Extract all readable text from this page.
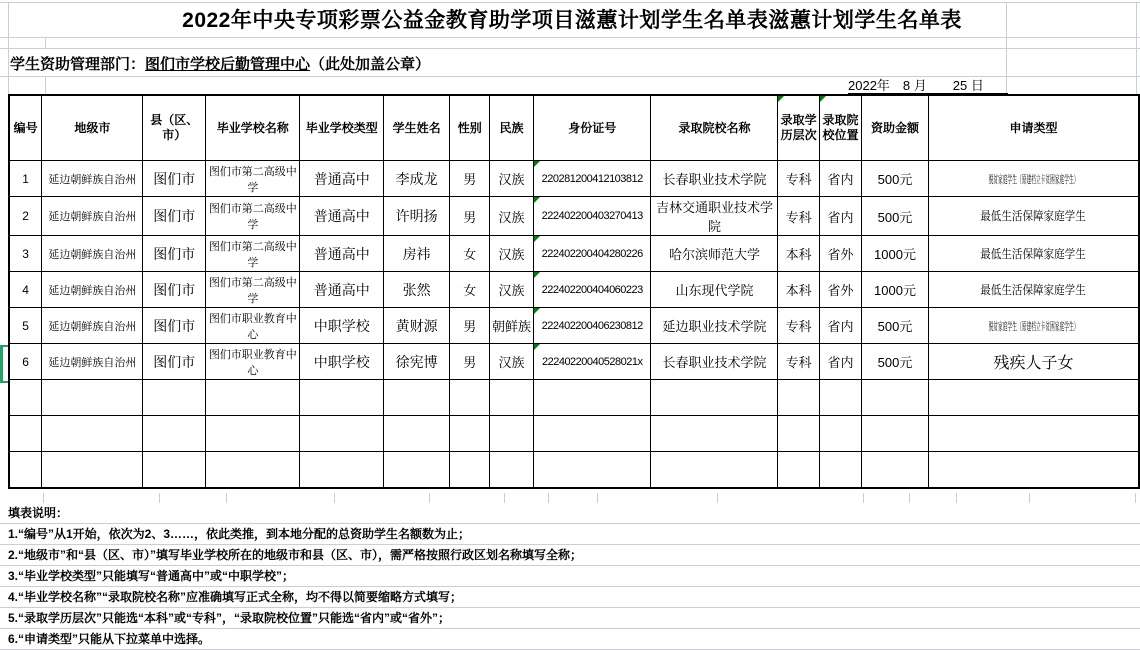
2022年中央专项彩票公益金教育助学项目滋蕙计划学生名单表滋蕙计划学生名单表
学生资助管理部门： 图们市学校后勤管理中心 （此处加盖公章）
2022年　8 月　　25 日
编号	地级市	县（区、市）	毕业学校名称	毕业学校类型	学生姓名	性别	民族	身份证号	录取院校名称	录取学历层次	录取院校位置	资助金额	申请类型
1	延边朝鲜族自治州	图们市	图们市第二高级中学	普通高中	李成龙	男	汉族	220281200412103812	长春职业技术学院	专科	省内	500元	脱贫家庭学生（原建档立卡贫困家庭学生）
2	延边朝鲜族自治州	图们市	图们市第二高级中学	普通高中	许明扬	男	汉族	222402200403270413	吉林交通职业技术学院	专科	省内	500元	最低生活保障家庭学生
3	延边朝鲜族自治州	图们市	图们市第二高级中学	普通高中	房祎	女	汉族	222402200404280226	哈尔滨师范大学	本科	省外	1000元	最低生活保障家庭学生
4	延边朝鲜族自治州	图们市	图们市第二高级中学	普通高中	张然	女	汉族	222402200404060223	山东现代学院	本科	省外	1000元	最低生活保障家庭学生
5	延边朝鲜族自治州	图们市	图们市职业教育中心	中职学校	黄财源	男	朝鲜族	222402200406230812	延边职业技术学院	专科	省内	500元	脱贫家庭学生（原建档立卡贫困家庭学生）
6	延边朝鲜族自治州	图们市	图们市职业教育中心	中职学校	徐宪博	男	汉族	22240220040528021x	长春职业技术学院	专科	省内	500元	残疾人子女

填表说明：
1.“编号”从1开始，依次为2、3……，依此类推，到本地分配的总资助学生名额数为止；
2.“地级市”和“县（区、市）”填写毕业学校所在的地级市和县（区、市），需严格按照行政区划名称填写全称；
3.“毕业学校类型”只能填写“普通高中”或“中职学校”；
4.“毕业学校名称”“录取院校名称”应准确填写正式全称，均不得以简要缩略方式填写；
5.“录取学历层次”只能选“本科”或“专科”，“录取院校位置”只能选“省内”或“省外”；
6.“申请类型”只能从下拉菜单中选择。
